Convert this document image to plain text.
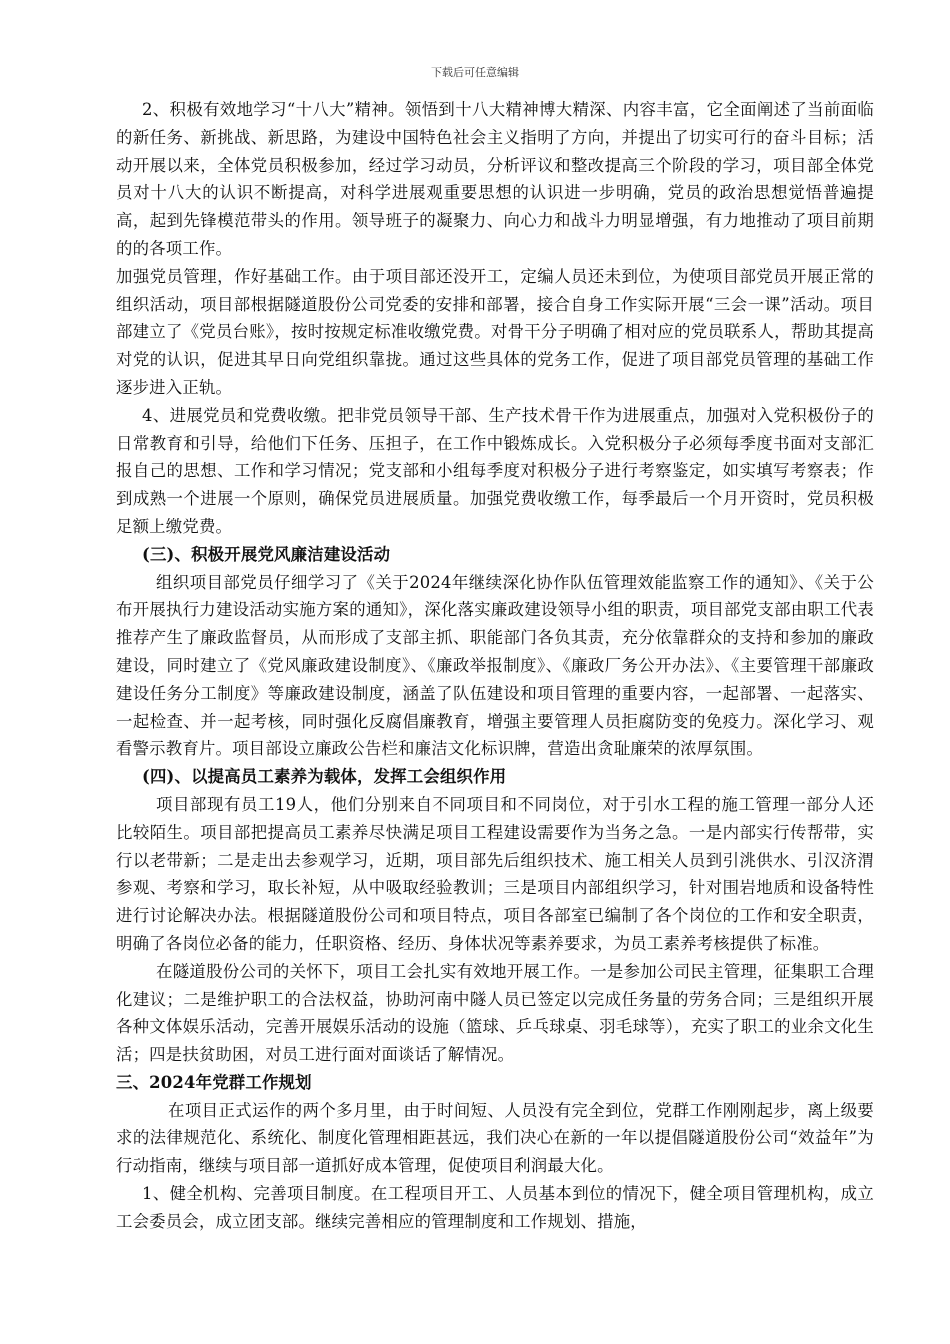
下载后可任意编辑

2、积极有效地学习“十八大”精神。领悟到十八大精神博大精深、内容丰富，它全面阐述了当前面临的新任务、新挑战、新思路，为建设中国特色社会主义指明了方向，并提出了切实可行的奋斗目标；活动开展以来，全体党员积极参加，经过学习动员，分析评议和整改提高三个阶段的学习，项目部全体党员对十八大的认识不断提高，对科学进展观重要思想的认识进一步明确，党员的政治思想觉悟普遍提高，起到先锋模范带头的作用。领导班子的凝聚力、向心力和战斗力明显增强，有力地推动了项目前期的的各项工作。

加强党员管理，作好基础工作。由于项目部还没开工，定编人员还未到位，为使项目部党员开展正常的组织活动，项目部根据隧道股份公司党委的安排和部署，接合自身工作实际开展“三会一课”活动。项目部建立了《党员台账》，按时按规定标准收缴党费。对骨干分子明确了相对应的党员联系人，帮助其提高对党的认识，促进其早日向党组织靠拢。通过这些具体的党务工作，促进了项目部党员管理的基础工作逐步进入正轨。

4、进展党员和党费收缴。把非党员领导干部、生产技术骨干作为进展重点，加强对入党积极份子的日常教育和引导，给他们下任务、压担子，在工作中锻炼成长。入党积极分子必须每季度书面对支部汇报自己的思想、工作和学习情况；党支部和小组每季度对积极分子进行考察鉴定，如实填写考察表；作到成熟一个进展一个原则，确保党员进展质量。加强党费收缴工作，每季最后一个月开资时，党员积极足额上缴党费。

(三)、积极开展党风廉洁建设活动

组织项目部党员仔细学习了《关于2024年继续深化协作队伍管理效能监察工作的通知》、《关于公布开展执行力建设活动实施方案的通知》，深化落实廉政建设领导小组的职责，项目部党支部由职工代表推荐产生了廉政监督员，从而形成了支部主抓、职能部门各负其责，充分依靠群众的支持和参加的廉政建设，同时建立了《党风廉政建设制度》、《廉政举报制度》、《廉政厂务公开办法》、《主要管理干部廉政建设任务分工制度》等廉政建设制度，涵盖了队伍建设和项目管理的重要内容，一起部署、一起落实、一起检查、并一起考核，同时强化反腐倡廉教育，增强主要管理人员拒腐防变的免疫力。深化学习、观看警示教育片。项目部设立廉政公告栏和廉洁文化标识牌，营造出贪耻廉荣的浓厚氛围。

(四)、以提高员工素养为载体，发挥工会组织作用

项目部现有员工19人，他们分别来自不同项目和不同岗位，对于引水工程的施工管理一部分人还比较陌生。项目部把提高员工素养尽快满足项目工程建设需要作为当务之急。一是内部实行传帮带，实行以老带新；二是走出去参观学习，近期，项目部先后组织技术、施工相关人员到引洮供水、引汉济渭参观、考察和学习，取长补短，从中吸取经验教训；三是项目内部组织学习，针对围岩地质和设备特性进行讨论解决办法。根据隧道股份公司和项目特点，项目各部室已编制了各个岗位的工作和安全职责，明确了各岗位必备的能力，任职资格、经历、身体状况等素养要求，为员工素养考核提供了标准。

在隧道股份公司的关怀下，项目工会扎实有效地开展工作。一是参加公司民主管理，征集职工合理化建议；二是维护职工的合法权益，协助河南中隧人员已签定以完成任务量的劳务合同；三是组织开展各种文体娱乐活动，完善开展娱乐活动的设施（篮球、乒乓球桌、羽毛球等），充实了职工的业余文化生活；四是扶贫助困，对员工进行面对面谈话了解情况。

三、2024年党群工作规划

在项目正式运作的两个多月里，由于时间短、人员没有完全到位，党群工作刚刚起步，离上级要求的法律规范化、系统化、制度化管理相距甚远，我们决心在新的一年以提倡隧道股份公司“效益年”为行动指南，继续与项目部一道抓好成本管理，促使项目利润最大化。

1、健全机构、完善项目制度。在工程项目开工、人员基本到位的情况下，健全项目管理机构，成立工会委员会，成立团支部。继续完善相应的管理制度和工作规划、措施，
